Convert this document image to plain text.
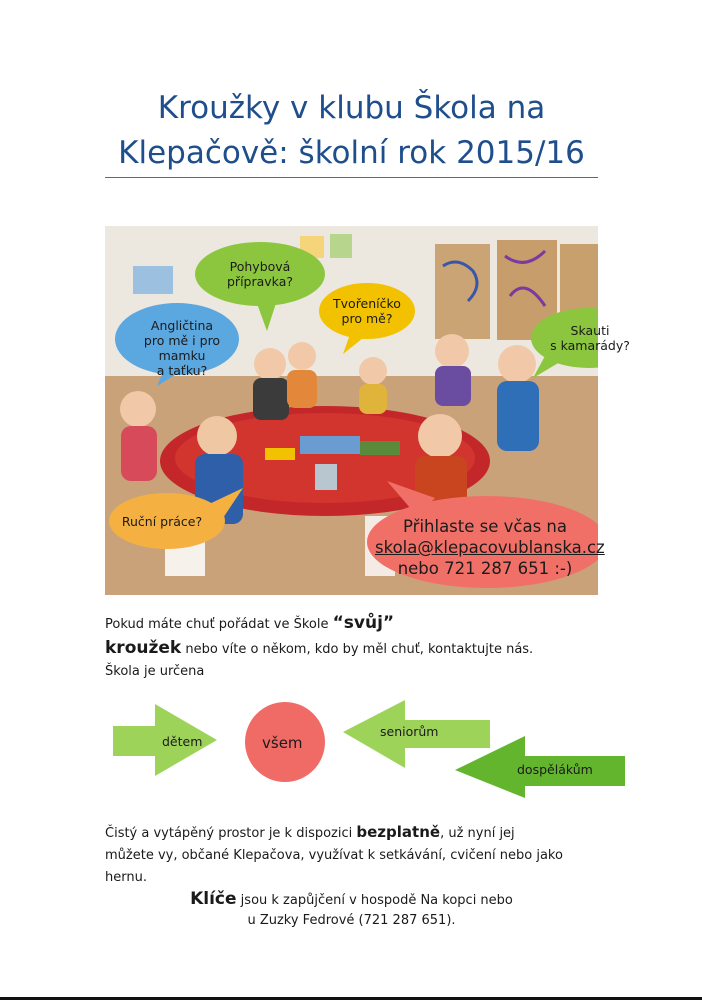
Kroužky v klubu Škola na
Klepačově: školní rok 2015/16
Angličtina
pro mě i pro mamku
a taťku?
Pohybová
přípravka?
Tvořeníčko
pro mě?
Skauti
s kamarády?
Ruční práce?	Přihlaste se včas na
skola@klepacovublanska.cz
nebo 721 287 651 :-)
Pokud máte chuť pořádat ve Škole “svůj”
kroužek nebo víte o někom, kdo by měl chuť, kontaktujte nás.
Škola je určena
dětem	všem
seniorům
dospělákům
Čistý a vytápěný prostor je k dispozici bezplatně, už nyní jej
můžete vy, občané Klepačova, využívat k setkávání, cvičení nebo jako
hernu.
Klíče jsou k zapůjčení v hospodě Na kopci nebo
u Zuzky Fedrové (721 287 651).
